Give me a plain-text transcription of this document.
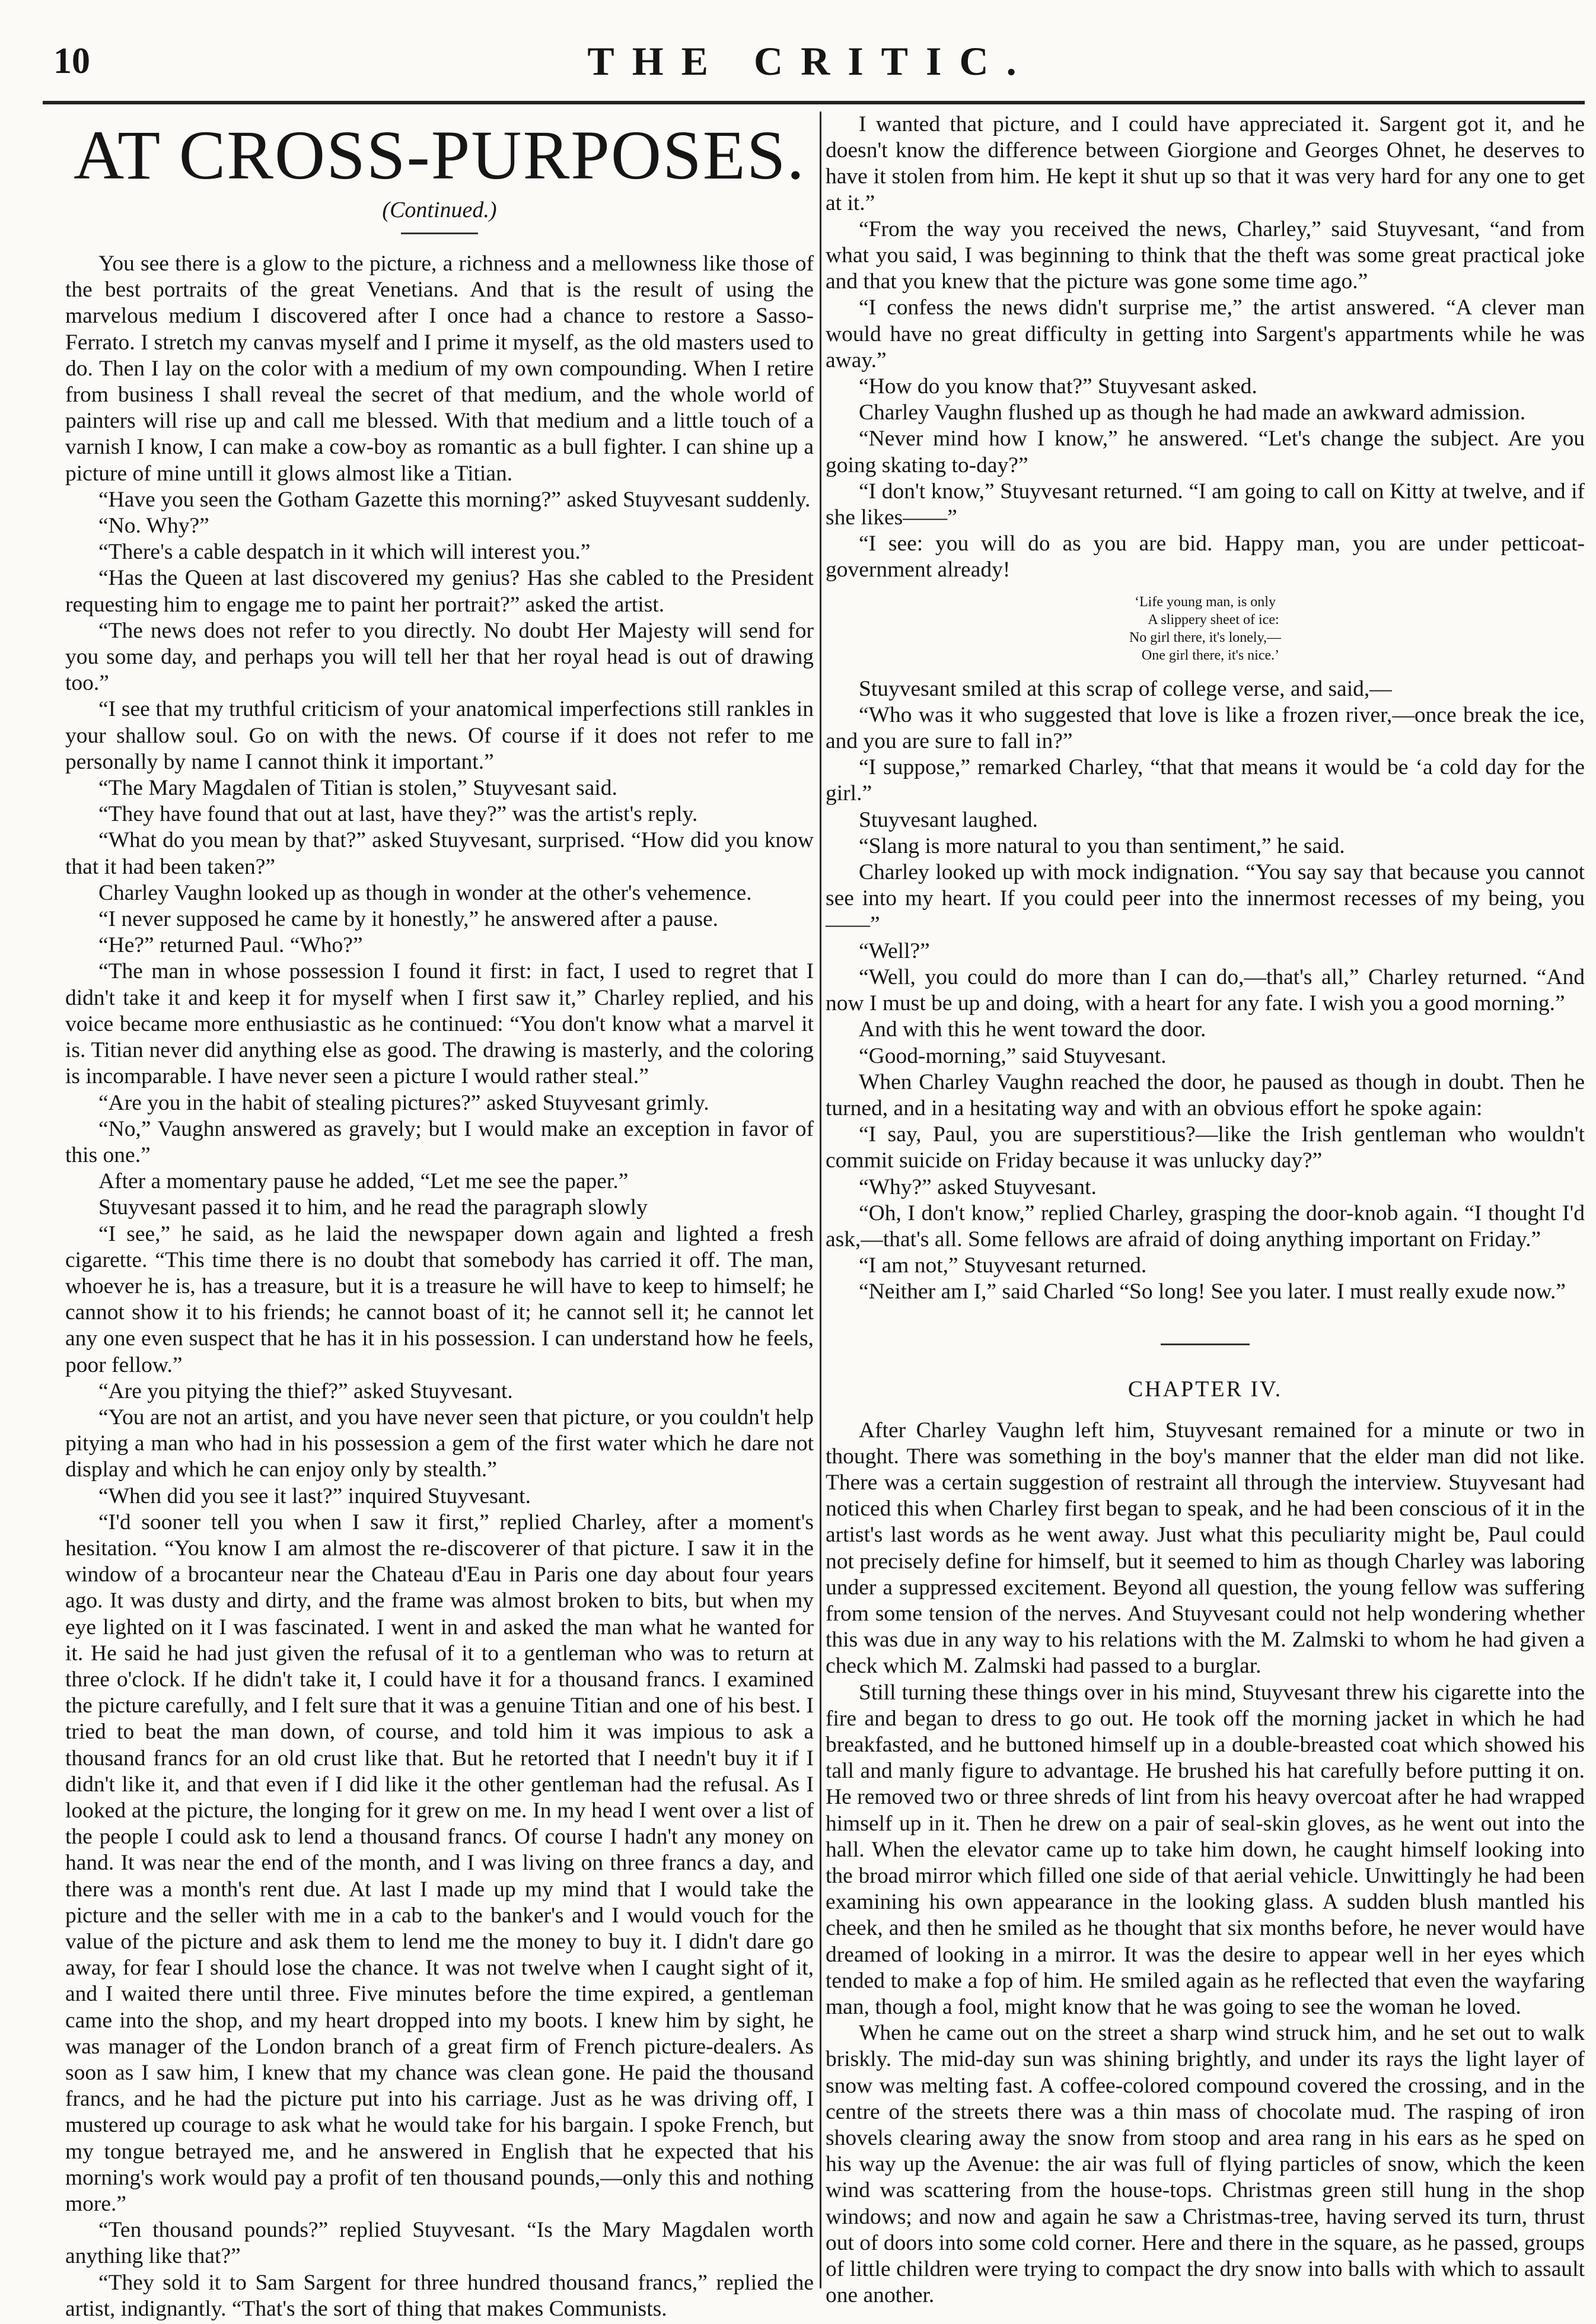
10	THE CRITIC.
AT CROSS-PURPOSES.
(Continued.)

You see there is a glow to the picture, a richness and a mellowness like those of the best portraits of the great Venetians. And that is the result of using the marvelous medium I discovered after I once had a chance to restore a Sasso-Ferrato. I stretch my canvas myself and I prime it myself, as the old masters used to do. Then I lay on the color with a medium of my own compounding. When I retire from business I shall reveal the secret of that medium, and the whole world of painters will rise up and call me blessed. With that medium and a little touch of a varnish I know, I can make a cow-boy as romantic as a bull fighter. I can shine up a picture of mine untill it glows almost like a Titian.

“Have you seen the Gotham Gazette this morning?” asked Stuyvesant suddenly.

“No. Why?”

“There's a cable despatch in it which will interest you.”

“Has the Queen at last discovered my genius? Has she cabled to the President requesting him to engage me to paint her portrait?” asked the artist.

“The news does not refer to you directly. No doubt Her Majesty will send for you some day, and perhaps you will tell her that her royal head is out of drawing too.”

“I see that my truthful criticism of your anatomical imperfections still rankles in your shallow soul. Go on with the news. Of course if it does not refer to me personally by name I cannot think it important.”

“The Mary Magdalen of Titian is stolen,” Stuyvesant said.

“They have found that out at last, have they?” was the artist's reply.

“What do you mean by that?” asked Stuyvesant, surprised. “How did you know that it had been taken?”

Charley Vaughn looked up as though in wonder at the other's vehemence.

“I never supposed he came by it honestly,” he answered after a pause.

“He?” returned Paul. “Who?”

“The man in whose possession I found it first: in fact, I used to regret that I didn't take it and keep it for myself when I first saw it,” Charley replied, and his voice became more enthusiastic as he continued: “You don't know what a marvel it is. Titian never did anything else as good. The drawing is masterly, and the coloring is incomparable. I have never seen a picture I would rather steal.”

“Are you in the habit of stealing pictures?” asked Stuyvesant grimly.

“No,” Vaughn answered as gravely; but I would make an exception in favor of this one.”

After a momentary pause he added, “Let me see the paper.”

Stuyvesant passed it to him, and he read the paragraph slowly

“I see,” he said, as he laid the newspaper down again and lighted a fresh cigarette. “This time there is no doubt that somebody has carried it off. The man, whoever he is, has a treasure, but it is a treasure he will have to keep to himself; he cannot show it to his friends; he cannot boast of it; he cannot sell it; he cannot let any one even suspect that he has it in his possession. I can understand how he feels, poor fellow.”

“Are you pitying the thief?” asked Stuyvesant.

“You are not an artist, and you have never seen that picture, or you couldn't help pitying a man who had in his possession a gem of the first water which he dare not display and which he can enjoy only by stealth.”

“When did you see it last?” inquired Stuyvesant.

“I'd sooner tell you when I saw it first,” replied Charley, after a moment's hesitation. “You know I am almost the re-discoverer of that picture. I saw it in the window of a brocanteur near the Chateau d'Eau in Paris one day about four years ago. It was dusty and dirty, and the frame was almost broken to bits, but when my eye lighted on it I was fascinated. I went in and asked the man what he wanted for it. He said he had just given the refusal of it to a gentleman who was to return at three o'clock. If he didn't take it, I could have it for a thousand francs. I examined the picture carefully, and I felt sure that it was a genuine Titian and one of his best. I tried to beat the man down, of course, and told him it was impious to ask a thousand francs for an old crust like that. But he retorted that I needn't buy it if I didn't like it, and that even if I did like it the other gentleman had the refusal. As I looked at the picture, the longing for it grew on me. In my head I went over a list of the people I could ask to lend a thousand francs. Of course I hadn't any money on hand. It was near the end of the month, and I was living on three francs a day, and there was a month's rent due. At last I made up my mind that I would take the picture and the seller with me in a cab to the banker's and I would vouch for the value of the picture and ask them to lend me the money to buy it. I didn't dare go away, for fear I should lose the chance. It was not twelve when I caught sight of it, and I waited there until three. Five minutes before the time expired, a gentleman came into the shop, and my heart dropped into my boots. I knew him by sight, he was manager of the London branch of a great firm of French picture-dealers. As soon as I saw him, I knew that my chance was clean gone. He paid the thousand francs, and he had the picture put into his carriage. Just as he was driving off, I mustered up courage to ask what he would take for his bargain. I spoke French, but my tongue betrayed me, and he answered in English that he expected that his morning's work would pay a profit of ten thousand pounds,—only this and nothing more.”

“Ten thousand pounds?” replied Stuyvesant. “Is the Mary Magdalen worth anything like that?”

“They sold it to Sam Sargent for three hundred thousand francs,” replied the artist, indignantly. “That's the sort of thing that makes Communists.

I wanted that picture, and I could have appreciated it. Sargent got it, and he doesn't know the difference between Giorgione and Georges Ohnet, he deserves to have it stolen from him. He kept it shut up so that it was very hard for any one to get at it.”

“From the way you received the news, Charley,” said Stuyvesant, “and from what you said, I was beginning to think that the theft was some great practical joke and that you knew that the picture was gone some time ago.”

“I confess the news didn't surprise me,” the artist answered. “A clever man would have no great difficulty in getting into Sargent's appartments while he was away.”

“How do you know that?” Stuyvesant asked.

Charley Vaughn flushed up as though he had made an awkward admission.

“Never mind how I know,” he answered. “Let's change the subject. Are you going skating to-day?”

“I don't know,” Stuyvesant returned. “I am going to call on Kitty at twelve, and if she likes——”

“I see: you will do as you are bid. Happy man, you are under petticoat-government already!

‘Life young man, is only
A slippery sheet of ice:
No girl there, it's lonely,—
One girl there, it's nice.’

Stuyvesant smiled at this scrap of college verse, and said,—

“Who was it who suggested that love is like a frozen river,—once break the ice, and you are sure to fall in?”

“I suppose,” remarked Charley, “that that means it would be ‘a cold day for the girl.”

Stuyvesant laughed.

“Slang is more natural to you than sentiment,” he said.

Charley looked up with mock indignation. “You say say that because you cannot see into my heart. If you could peer into the innermost recesses of my being, you——”

“Well?”

“Well, you could do more than I can do,—that's all,” Charley returned. “And now I must be up and doing, with a heart for any fate. I wish you a good morning.”

And with this he went toward the door.

“Good-morning,” said Stuyvesant.

When Charley Vaughn reached the door, he paused as though in doubt. Then he turned, and in a hesitating way and with an obvious effort he spoke again:

“I say, Paul, you are superstitious?—like the Irish gentleman who wouldn't commit suicide on Friday because it was unlucky day?”

“Why?” asked Stuyvesant.

“Oh, I don't know,” replied Charley, grasping the door-knob again. “I thought I'd ask,—that's all. Some fellows are afraid of doing anything important on Friday.”

“I am not,” Stuyvesant returned.

“Neither am I,” said Charled “So long! See you later. I must really exude now.”

CHAPTER IV.

After Charley Vaughn left him, Stuyvesant remained for a minute or two in thought. There was something in the boy's manner that the elder man did not like. There was a certain suggestion of restraint all through the interview. Stuyvesant had noticed this when Charley first began to speak, and he had been conscious of it in the artist's last words as he went away. Just what this peculiarity might be, Paul could not precisely define for himself, but it seemed to him as though Charley was laboring under a suppressed excitement. Beyond all question, the young fellow was suffering from some tension of the nerves. And Stuyvesant could not help wondering whether this was due in any way to his relations with the M. Zalmski to whom he had given a check which M. Zalmski had passed to a burglar.

Still turning these things over in his mind, Stuyvesant threw his cigarette into the fire and began to dress to go out. He took off the morning jacket in which he had breakfasted, and he buttoned himself up in a double-breasted coat which showed his tall and manly figure to advantage. He brushed his hat carefully before putting it on. He removed two or three shreds of lint from his heavy overcoat after he had wrapped himself up in it. Then he drew on a pair of seal-skin gloves, as he went out into the hall. When the elevator came up to take him down, he caught himself looking into the broad mirror which filled one side of that aerial vehicle. Unwittingly he had been examining his own appearance in the looking glass. A sudden blush mantled his cheek, and then he smiled as he thought that six months before, he never would have dreamed of looking in a mirror. It was the desire to appear well in her eyes which tended to make a fop of him. He smiled again as he reflected that even the wayfaring man, though a fool, might know that he was going to see the woman he loved.

When he came out on the street a sharp wind struck him, and he set out to walk briskly. The mid-day sun was shining brightly, and under its rays the light layer of snow was melting fast. A coffee-colored compound covered the crossing, and in the centre of the streets there was a thin mass of chocolate mud. The rasping of iron shovels clearing away the snow from stoop and area rang in his ears as he sped on his way up the Avenue: the air was full of flying particles of snow, which the keen wind was scattering from the house-tops. Christmas green still hung in the shop windows; and now and again he saw a Christmas-tree, having served its turn, thrust out of doors into some cold corner. Here and there in the square, as he passed, groups of little children were trying to compact the dry snow into balls with which to assault one another.
